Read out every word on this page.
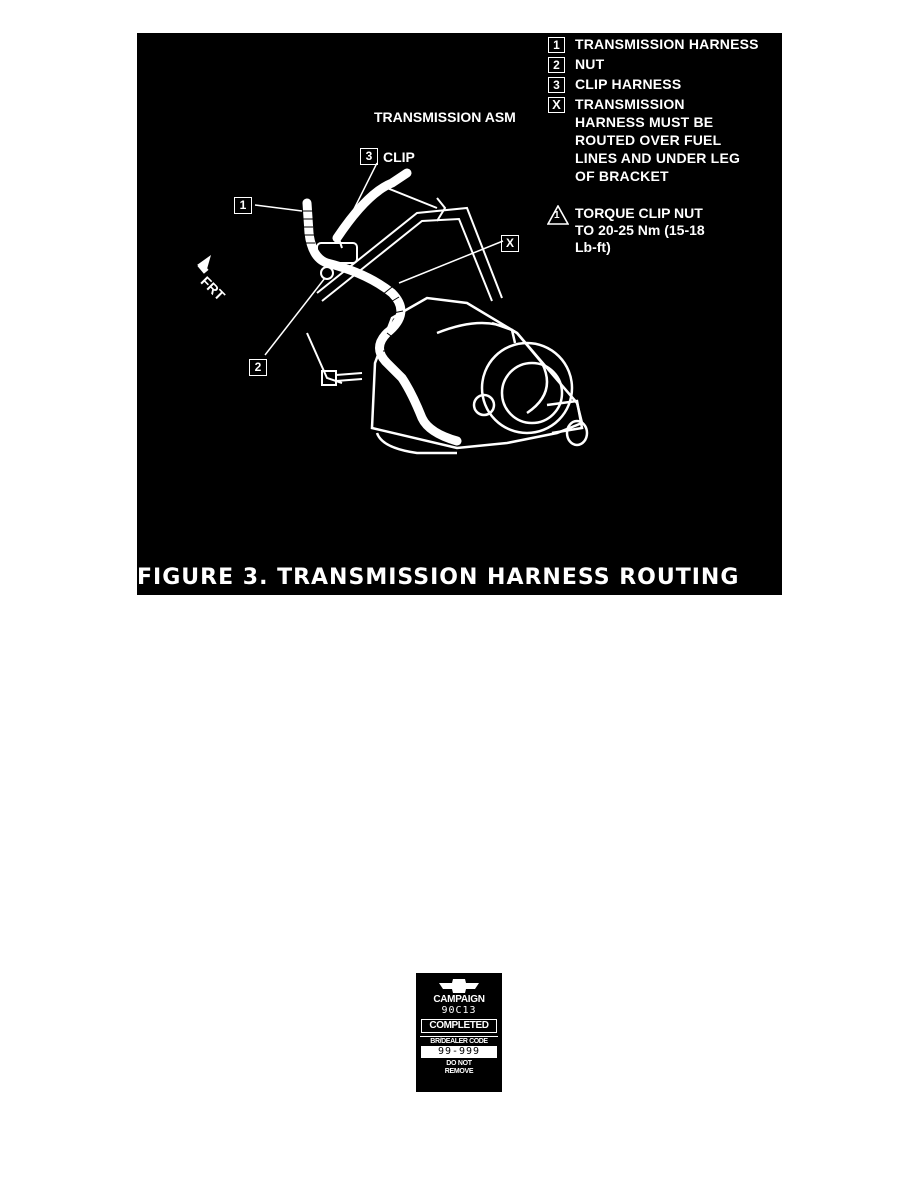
1	TRANSMISSION HARNESS
2	NUT
3	CLIP HARNESS
X TRANSMISSION HARNESS MUST BE ROUTED OVER FUEL LINES AND UNDER LEG OF BRACKET
1	TORQUE CLIP NUT TO 20-25 Nm (15-18 Lb-ft)
TRANSMISSION ASM
3 CLIP
1
2
X
FRT
FIGURE 3. TRANSMISSION HARNESS ROUTING
CAMPAIGN
90C13
COMPLETED
BR/DEALER CODE
99-999
DO NOT
REMOVE
